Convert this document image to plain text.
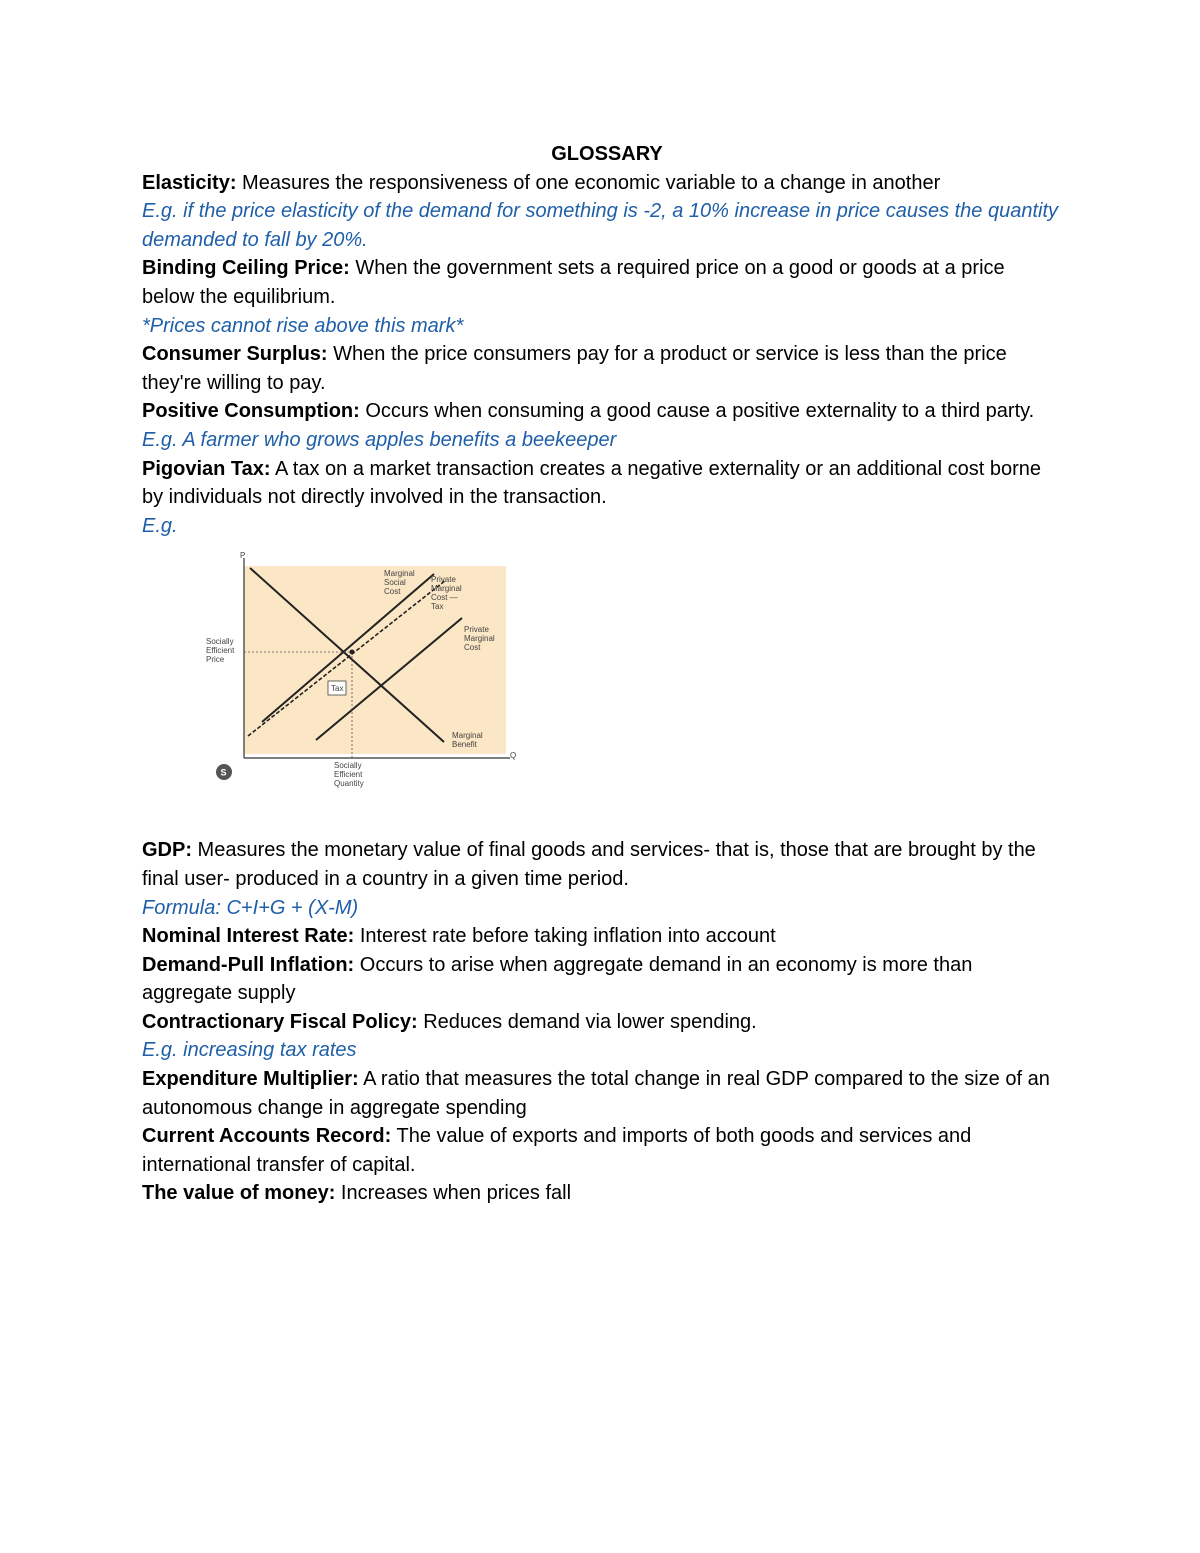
GLOSSARY

Elasticity: Measures the responsiveness of one economic variable to a change in another

E.g. if the price elasticity of the demand for something is -2, a 10% increase in price causes the quantity demanded to fall by 20%.

Binding Ceiling Price: When the government sets a required price on a good or goods at a price below the equilibrium.

*Prices cannot rise above this mark*

Consumer Surplus: When the price consumers pay for a product or service is less than the price they're willing to pay.

Positive Consumption: Occurs when consuming a good cause a positive externality to a third party.

E.g. A farmer who grows apples benefits a beekeeper

Pigovian Tax: A tax on a market transaction creates a negative externality or an additional cost borne by individuals not directly involved in the transaction.

E.g.

P
Q
Tax
Marginal Social Cost
Private Marginal Cost — Tax
Private Marginal Cost
Marginal Benefit
Socially Efficient Price
Socially Efficient Quantity
S

GDP: Measures the monetary value of final goods and services- that is, those that are brought by the final user- produced in a country in a given time period.

Formula: C+I+G + (X-M)

Nominal Interest Rate: Interest rate before taking inflation into account

Demand-Pull Inflation: Occurs to arise when aggregate demand in an economy is more than aggregate supply

Contractionary Fiscal Policy: Reduces demand via lower spending.

E.g. increasing tax rates

Expenditure Multiplier: A ratio that measures the total change in real GDP compared to the size of an autonomous change in aggregate spending

Current Accounts Record: The value of exports and imports of both goods and services and international transfer of capital.

The value of money: Increases when prices fall
